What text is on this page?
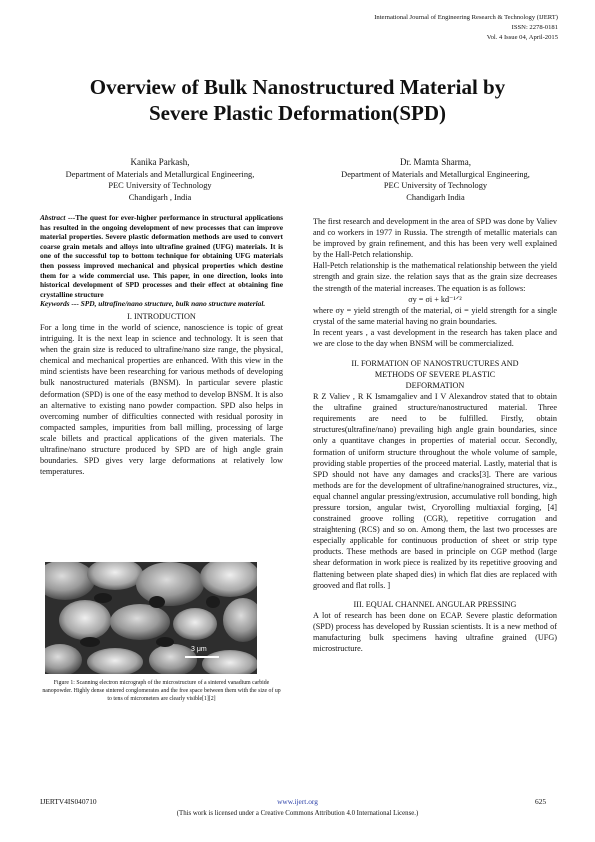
International Journal of Engineering Research & Technology (IJERT)
ISSN: 2278-0181
Vol. 4 Issue 04, April-2015
Overview of Bulk Nanostructured Material by
Severe Plastic Deformation(SPD)
Kanika Parkash,
Department of Materials and Metallurgical Engineering,
PEC University of Technology
Chandigarh , India
Dr. Mamta Sharma,
Department of Materials and Metallurgical Engineering,
PEC University of Technology
Chandigarh India

Abstract ---The quest for ever-higher performance in structural applications has resulted in the ongoing development of new processes that can improve material properties. Severe plastic deformation methods are used to convert coarse grain metals and alloys into ultrafine grained (UFG) materials. It is one of the successful top to bottom technique for obtaining UFG materials then possess improved mechanical and physical properties which destine them for a wide commercial use. This paper, in one direction, looks into historical development of SPD processes and their effect at obtaining fine crystalline structure

Keywords --- SPD, ultrafine/nano structure, bulk nano structure material.

I. INTRODUCTION

For a long time in the world of science, nanoscience is topic of great intriguing. It is the next leap in science and technology. It is seen that when the grain size is reduced to ultrafine/nano size range, the physical, chemical and mechanical properties are enhanced. With this view in the mind scientists have been researching for various methods of developing bulk nanostructured materials (BNSM). In particular severe plastic deformation (SPD) is one of the easy method to develop BNSM. It is also an alternative to existing nano powder compaction. SPD also helps in overcoming number of difficulties connected with residual porosity in compacted samples, impurities from ball milling, processing of large scale billets and practical applications of the given materials. The ultrafine/nano structure produced by SPD are of high angle grain boundaries. SPD gives very large deformations at relatively low temperatures.

3 μm
Figure 1: Scanning electron micrograph of the microstructure of a sintered vanadium carbide nanopowder. Highly dense sintered conglomerates and the free space between them with the size of up to tens of micrometers are clearly visible[1][2]

The first research and development in the area of SPD was done by Valiev and co workers in 1977 in Russia. The strength of metallic materials can be improved by grain refinement, and this has been very well explained by the Hall-Petch relationship.

Hall-Petch relationship is the mathematical relationship between the yield strength and grain size. the relation says that as the grain size decreases the strength of the material increases. The equation is as follows:

σy = σi + kd⁻¹ᐟ²

where σy = yield strength of the material, σi = yield strength for a single crystal of the same material having no grain boundaries.

In recent years , a vast development in the research has taken place and we are close to the day when BNSM will be commercialized.

II. FORMATION OF NANOSTRUCTURES AND
METHODS OF SEVERE PLASTIC
DEFORMATION

R Z Valiev , R K Ismamgaliev and I V Alexandrov stated that to obtain the ultrafine grained structure/nanostructured material. Three requirements are need to be fulfilled. Firstly, obtain structures(ultrafine/nano) prevailing high angle grain boundaries, since only a quantitave changes in properties of material occur. Secondly, formation of uniform structure throughout the whole volume of sample, providing stable properties of the proceed material. Lastly, material that is SPD should not have any damages and cracks[3]. There are various methods are for the development of ultrafine/nanograined structures, viz., equal channel angular pressing/extrusion, accumulative roll bonding, high pressure torsion, angular twist, Cryorolling multiaxial forging, [4] constrained groove rolling (CGR), repetitive corrugation and straightening (RCS) and so on. Among them, the last two processes are especially applicable for continuous production of sheet or strip type products. These methods are based in principle on CGP method (large shear deformation in work piece is realized by its repetitive grooving and flattening between plate shaped dies) in which flat dies are replaced with grooved and flat rolls. ]

III. EQUAL CHANNEL ANGULAR PRESSING

A lot of research has been done on ECAP. Severe plastic deformation (SPD) process has developed by Russian scientists. It is a new method of manufacturing bulk specimens having ultrafine grained (UFG) microstructure.

IJERTV4IS040710	www.ijert.org	625
(This work is licensed under a Creative Commons Attribution 4.0 International License.)
